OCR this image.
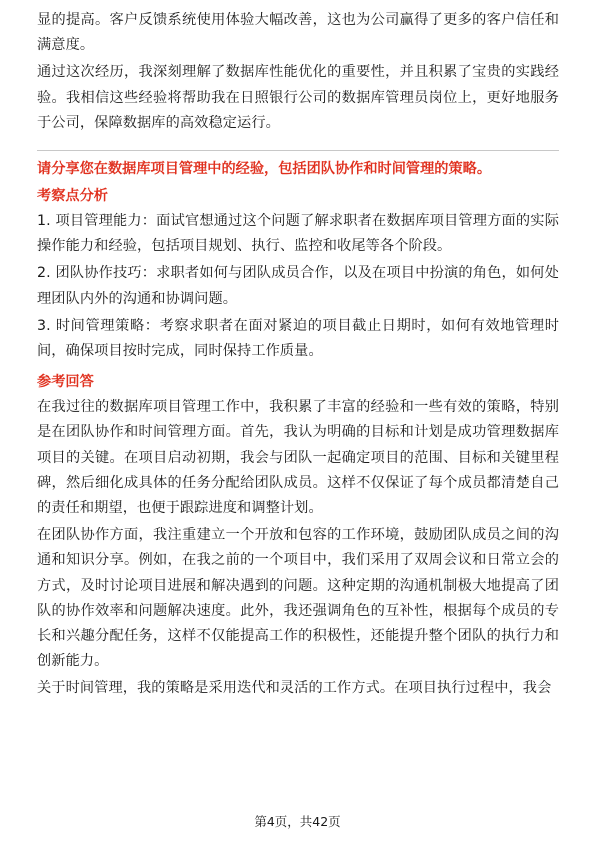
显的提高。客户反馈系统使用体验大幅改善，这也为公司赢得了更多的客户信任和满意度。

通过这次经历，我深刻理解了数据库性能优化的重要性，并且积累了宝贵的实践经验。我相信这些经验将帮助我在日照银行公司的数据库管理员岗位上，更好地服务于公司，保障数据库的高效稳定运行。

请分享您在数据库项目管理中的经验，包括团队协作和时间管理的策略。

考察点分析

1. 项目管理能力：面试官想通过这个问题了解求职者在数据库项目管理方面的实际操作能力和经验，包括项目规划、执行、监控和收尾等各个阶段。

2. 团队协作技巧：求职者如何与团队成员合作，以及在项目中扮演的角色，如何处理团队内外的沟通和协调问题。

3. 时间管理策略：考察求职者在面对紧迫的项目截止日期时，如何有效地管理时间，确保项目按时完成，同时保持工作质量。

参考回答

在我过往的数据库项目管理工作中，我积累了丰富的经验和一些有效的策略，特别是在团队协作和时间管理方面。首先，我认为明确的目标和计划是成功管理数据库项目的关键。在项目启动初期，我会与团队一起确定项目的范围、目标和关键里程碑，然后细化成具体的任务分配给团队成员。这样不仅保证了每个成员都清楚自己的责任和期望，也便于跟踪进度和调整计划。

在团队协作方面，我注重建立一个开放和包容的工作环境，鼓励团队成员之间的沟通和知识分享。例如，在我之前的一个项目中，我们采用了双周会议和日常立会的方式，及时讨论项目进展和解决遇到的问题。这种定期的沟通机制极大地提高了团队的协作效率和问题解决速度。此外，我还强调角色的互补性，根据每个成员的专长和兴趣分配任务，这样不仅能提高工作的积极性，还能提升整个团队的执行力和创新能力。

关于时间管理，我的策略是采用迭代和灵活的工作方式。在项目执行过程中，我会

第4页，共42页
